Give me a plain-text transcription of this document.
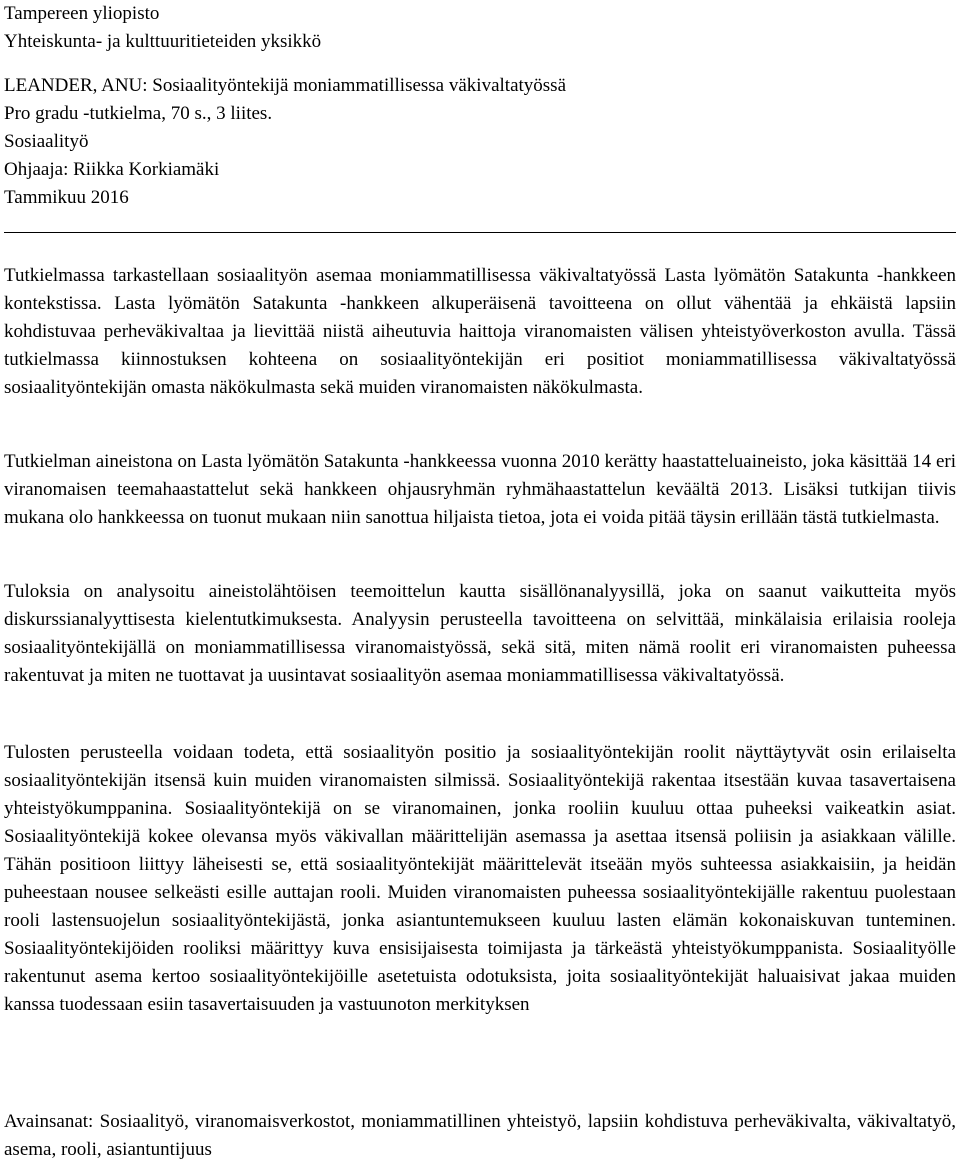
Tampereen yliopisto
Yhteiskunta- ja kulttuuritieteiden yksikkö
LEANDER, ANU: Sosiaalityöntekijä moniammatillisessa väkivaltatyössä
Pro gradu -tutkielma, 70 s., 3 liites.
Sosiaalityö
Ohjaaja: Riikka Korkiamäki
Tammikuu 2016

Tutkielmassa tarkastellaan sosiaalityön asemaa moniammatillisessa väkivaltatyössä Lasta lyömätön Satakunta -hankkeen kontekstissa. Lasta lyömätön Satakunta -hankkeen alkuperäisenä tavoitteena on ollut vähentää ja ehkäistä lapsiin kohdistuvaa perheväkivaltaa ja lievittää niistä aiheutuvia haittoja viranomaisten välisen yhteistyöverkoston avulla. Tässä tutkielmassa kiinnostuksen kohteena on sosiaalityöntekijän eri positiot moniammatillisessa väkivaltatyössä sosiaalityöntekijän omasta näkökulmasta sekä muiden viranomaisten näkökulmasta.

Tutkielman aineistona on Lasta lyömätön Satakunta -hankkeessa vuonna 2010 kerätty haastatteluaineisto, joka käsittää 14 eri viranomaisen teemahaastattelut sekä hankkeen ohjausryhmän ryhmähaastattelun keväältä 2013. Lisäksi tutkijan tiivis mukana olo hankkeessa on tuonut mukaan niin sanottua hiljaista tietoa, jota ei voida pitää täysin erillään tästä tutkielmasta.

Tuloksia on analysoitu aineistolähtöisen teemoittelun kautta sisällönanalyysillä, joka on saanut vaikutteita myös diskurssianalyyttisesta kielentutkimuksesta. Analyysin perusteella tavoitteena on selvittää, minkälaisia erilaisia rooleja sosiaalityöntekijällä on moniammatillisessa viranomaistyössä, sekä sitä, miten nämä roolit eri viranomaisten puheessa rakentuvat ja miten ne tuottavat ja uusintavat sosiaalityön asemaa moniammatillisessa väkivaltatyössä.

Tulosten perusteella voidaan todeta, että sosiaalityön positio ja sosiaalityöntekijän roolit näyttäytyvät osin erilaiselta sosiaalityöntekijän itsensä kuin muiden viranomaisten silmissä. Sosiaalityöntekijä rakentaa itsestään kuvaa tasavertaisena yhteistyökumppanina. Sosiaalityöntekijä on se viranomainen, jonka rooliin kuuluu ottaa puheeksi vaikeatkin asiat. Sosiaalityöntekijä kokee olevansa myös väkivallan määrittelijän asemassa ja asettaa itsensä poliisin ja asiakkaan välille. Tähän positioon liittyy läheisesti se, että sosiaalityöntekijät määrittelevät itseään myös suhteessa asiakkaisiin, ja heidän puheestaan nousee selkeästi esille auttajan rooli. Muiden viranomaisten puheessa sosiaalityöntekijälle rakentuu puolestaan rooli lastensuojelun sosiaalityöntekijästä, jonka asiantuntemukseen kuuluu lasten elämän kokonaiskuvan tunteminen. Sosiaalityöntekijöiden rooliksi määrittyy kuva ensisijaisesta toimijasta ja tärkeästä yhteistyökumppanista. Sosiaalityölle rakentunut asema kertoo sosiaalityöntekijöille asetetuista odotuksista, joita sosiaalityöntekijät haluaisivat jakaa muiden kanssa tuodessaan esiin tasavertaisuuden ja vastuunoton merkityksen

Avainsanat: Sosiaalityö, viranomaisverkostot, moniammatillinen yhteistyö, lapsiin kohdistuva perheväkivalta, väkivaltatyö, asema, rooli, asiantuntijuus
